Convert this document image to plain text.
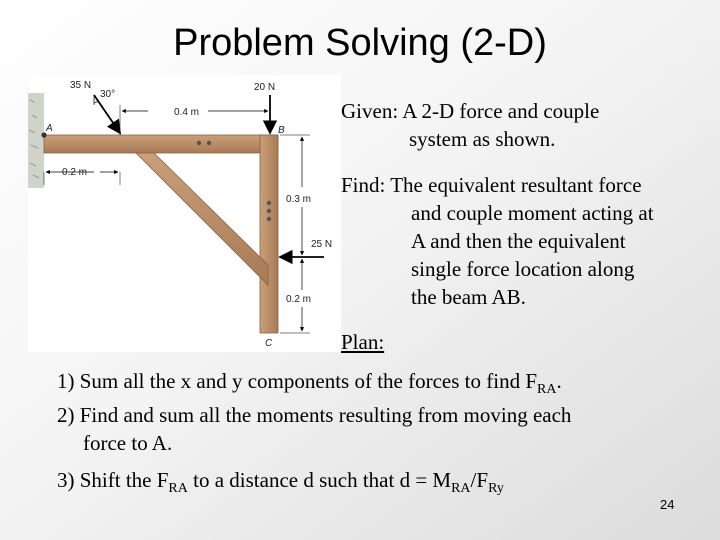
Problem Solving (2-D)
35 N
30°
20 N
0.4 m
0.2 m
0.3 m
0.2 m
25 N
A	B
C
Given: A 2-D force and couple
system as shown.
Find: The equivalent resultant force
and couple moment acting at
A and then the equivalent
single force location along
the beam AB.
Plan:
1) Sum all the x and y components of the forces to find $F_{RA}$.
2) Find and sum all the moments resulting from moving each
force to A.
3) Shift the $F_{RA}$ to a distance d such that $d = M_{RA}/F_{Ry}$
24
